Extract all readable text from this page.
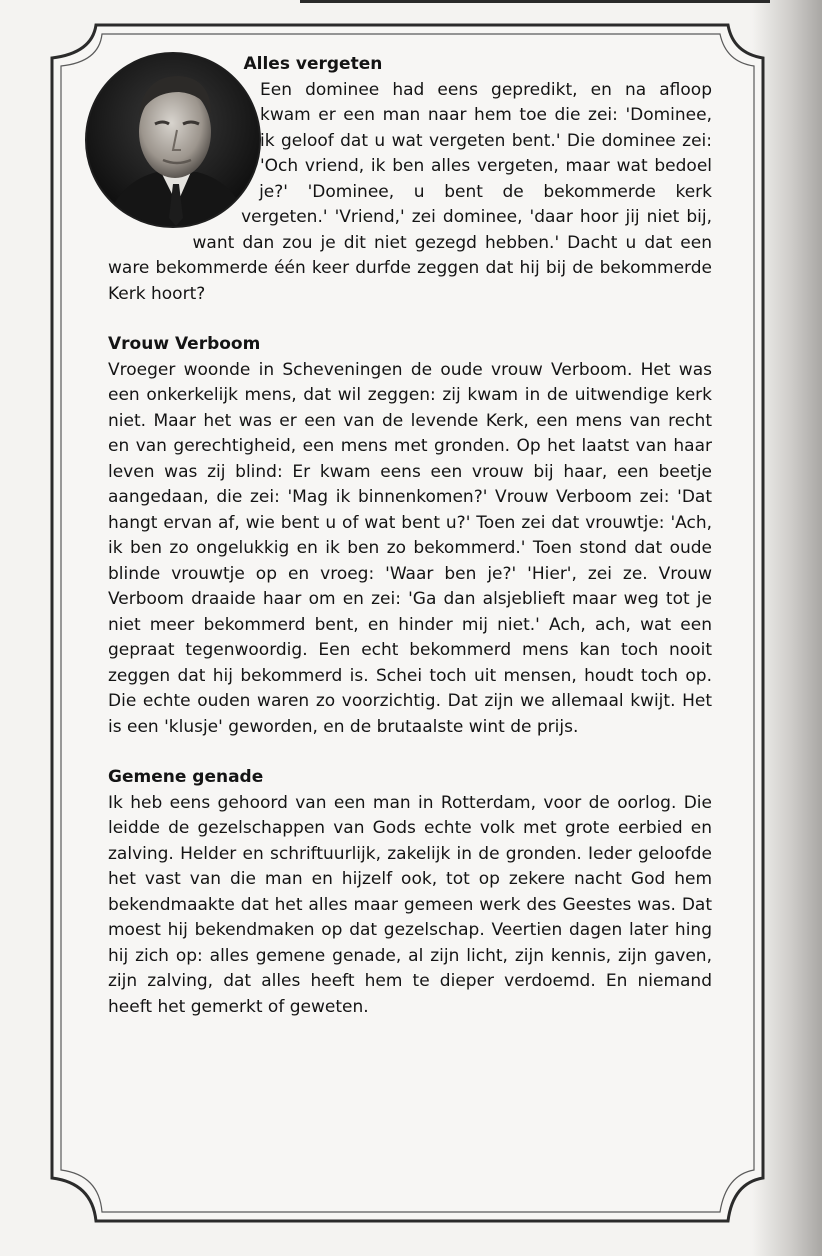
Alles vergeten

Een dominee had eens gepredikt, en na afloop kwam er een man naar hem toe die zei: 'Dominee, ik geloof dat u wat vergeten bent.' Die dominee zei: 'Och vriend, ik ben alles vergeten, maar wat bedoel je?' 'Dominee, u bent de bekommerde kerk vergeten.' 'Vriend,' zei dominee, 'daar hoor jij niet bij, want dan zou je dit niet gezegd hebben.' Dacht u dat een ware bekommerde één keer durfde zeggen dat hij bij de bekommerde Kerk hoort?

Vrouw Verboom

Vroeger woonde in Scheveningen de oude vrouw Verboom. Het was een onkerkelijk mens, dat wil zeggen: zij kwam in de uitwendige kerk niet. Maar het was er een van de levende Kerk, een mens van recht en van gerechtigheid, een mens met gronden. Op het laatst van haar leven was zij blind: Er kwam eens een vrouw bij haar, een beetje aangedaan, die zei: 'Mag ik binnenkomen?' Vrouw Verboom zei: 'Dat hangt ervan af, wie bent u of wat bent u?' Toen zei dat vrouwtje: 'Ach, ik ben zo ongelukkig en ik ben zo bekommerd.' Toen stond dat oude blinde vrouwtje op en vroeg: 'Waar ben je?' 'Hier', zei ze. Vrouw Verboom draaide haar om en zei: 'Ga dan alsjeblieft maar weg tot je niet meer bekommerd bent, en hinder mij niet.' Ach, ach, wat een gepraat tegenwoordig. Een echt bekommerd mens kan toch nooit zeggen dat hij bekommerd is. Schei toch uit mensen, houdt toch op. Die echte ouden waren zo voorzichtig. Dat zijn we allemaal kwijt. Het is een 'klusje' geworden, en de brutaalste wint de prijs.

Gemene genade

Ik heb eens gehoord van een man in Rotterdam, voor de oorlog. Die leidde de gezelschappen van Gods echte volk met grote eerbied en zalving. Helder en schriftuurlijk, zakelijk in de gronden. Ieder geloofde het vast van die man en hijzelf ook, tot op zekere nacht God hem bekendmaakte dat het alles maar gemeen werk des Geestes was. Dat moest hij bekendmaken op dat gezelschap. Veertien dagen later hing hij zich op: alles gemene genade, al zijn licht, zijn kennis, zijn gaven, zijn zalving, dat alles heeft hem te dieper verdoemd. En niemand heeft het gemerkt of geweten.
